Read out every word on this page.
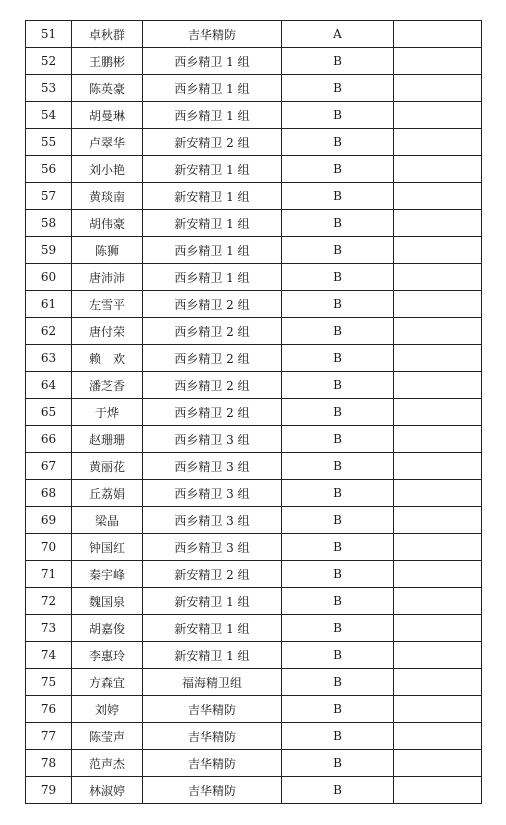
51	卓秋群	吉华精防	A	
52	王鹏彬	西乡精卫 1 组	B	
53	陈英豪	西乡精卫 1 组	B	
54	胡曼琳	西乡精卫 1 组	B	
55	卢翠华	新安精卫 2 组	B	
56	刘小艳	新安精卫 1 组	B	
57	黄琰南	新安精卫 1 组	B	
58	胡伟豪	新安精卫 1 组	B	
59	陈狮	西乡精卫 1 组	B	
60	唐沛沛	西乡精卫 1 组	B	
61	左雪平	西乡精卫 2 组	B	
62	唐付荣	西乡精卫 2 组	B	
63	赖　欢	西乡精卫 2 组	B	
64	潘芝香	西乡精卫 2 组	B	
65	于烨	西乡精卫 2 组	B	
66	赵珊珊	西乡精卫 3 组	B	
67	黄丽花	西乡精卫 3 组	B	
68	丘荔娟	西乡精卫 3 组	B	
69	梁晶	西乡精卫 3 组	B	
70	钟国红	西乡精卫 3 组	B	
71	秦宇峰	新安精卫 2 组	B	
72	魏国泉	新安精卫 1 组	B	
73	胡嘉俊	新安精卫 1 组	B	
74	李惠玲	新安精卫 1 组	B	
75	方森宜	福海精卫组	B	
76	刘婷	吉华精防	B	
77	陈莹声	吉华精防	B	
78	范声杰	吉华精防	B	
79	林淑婷	吉华精防	B	
